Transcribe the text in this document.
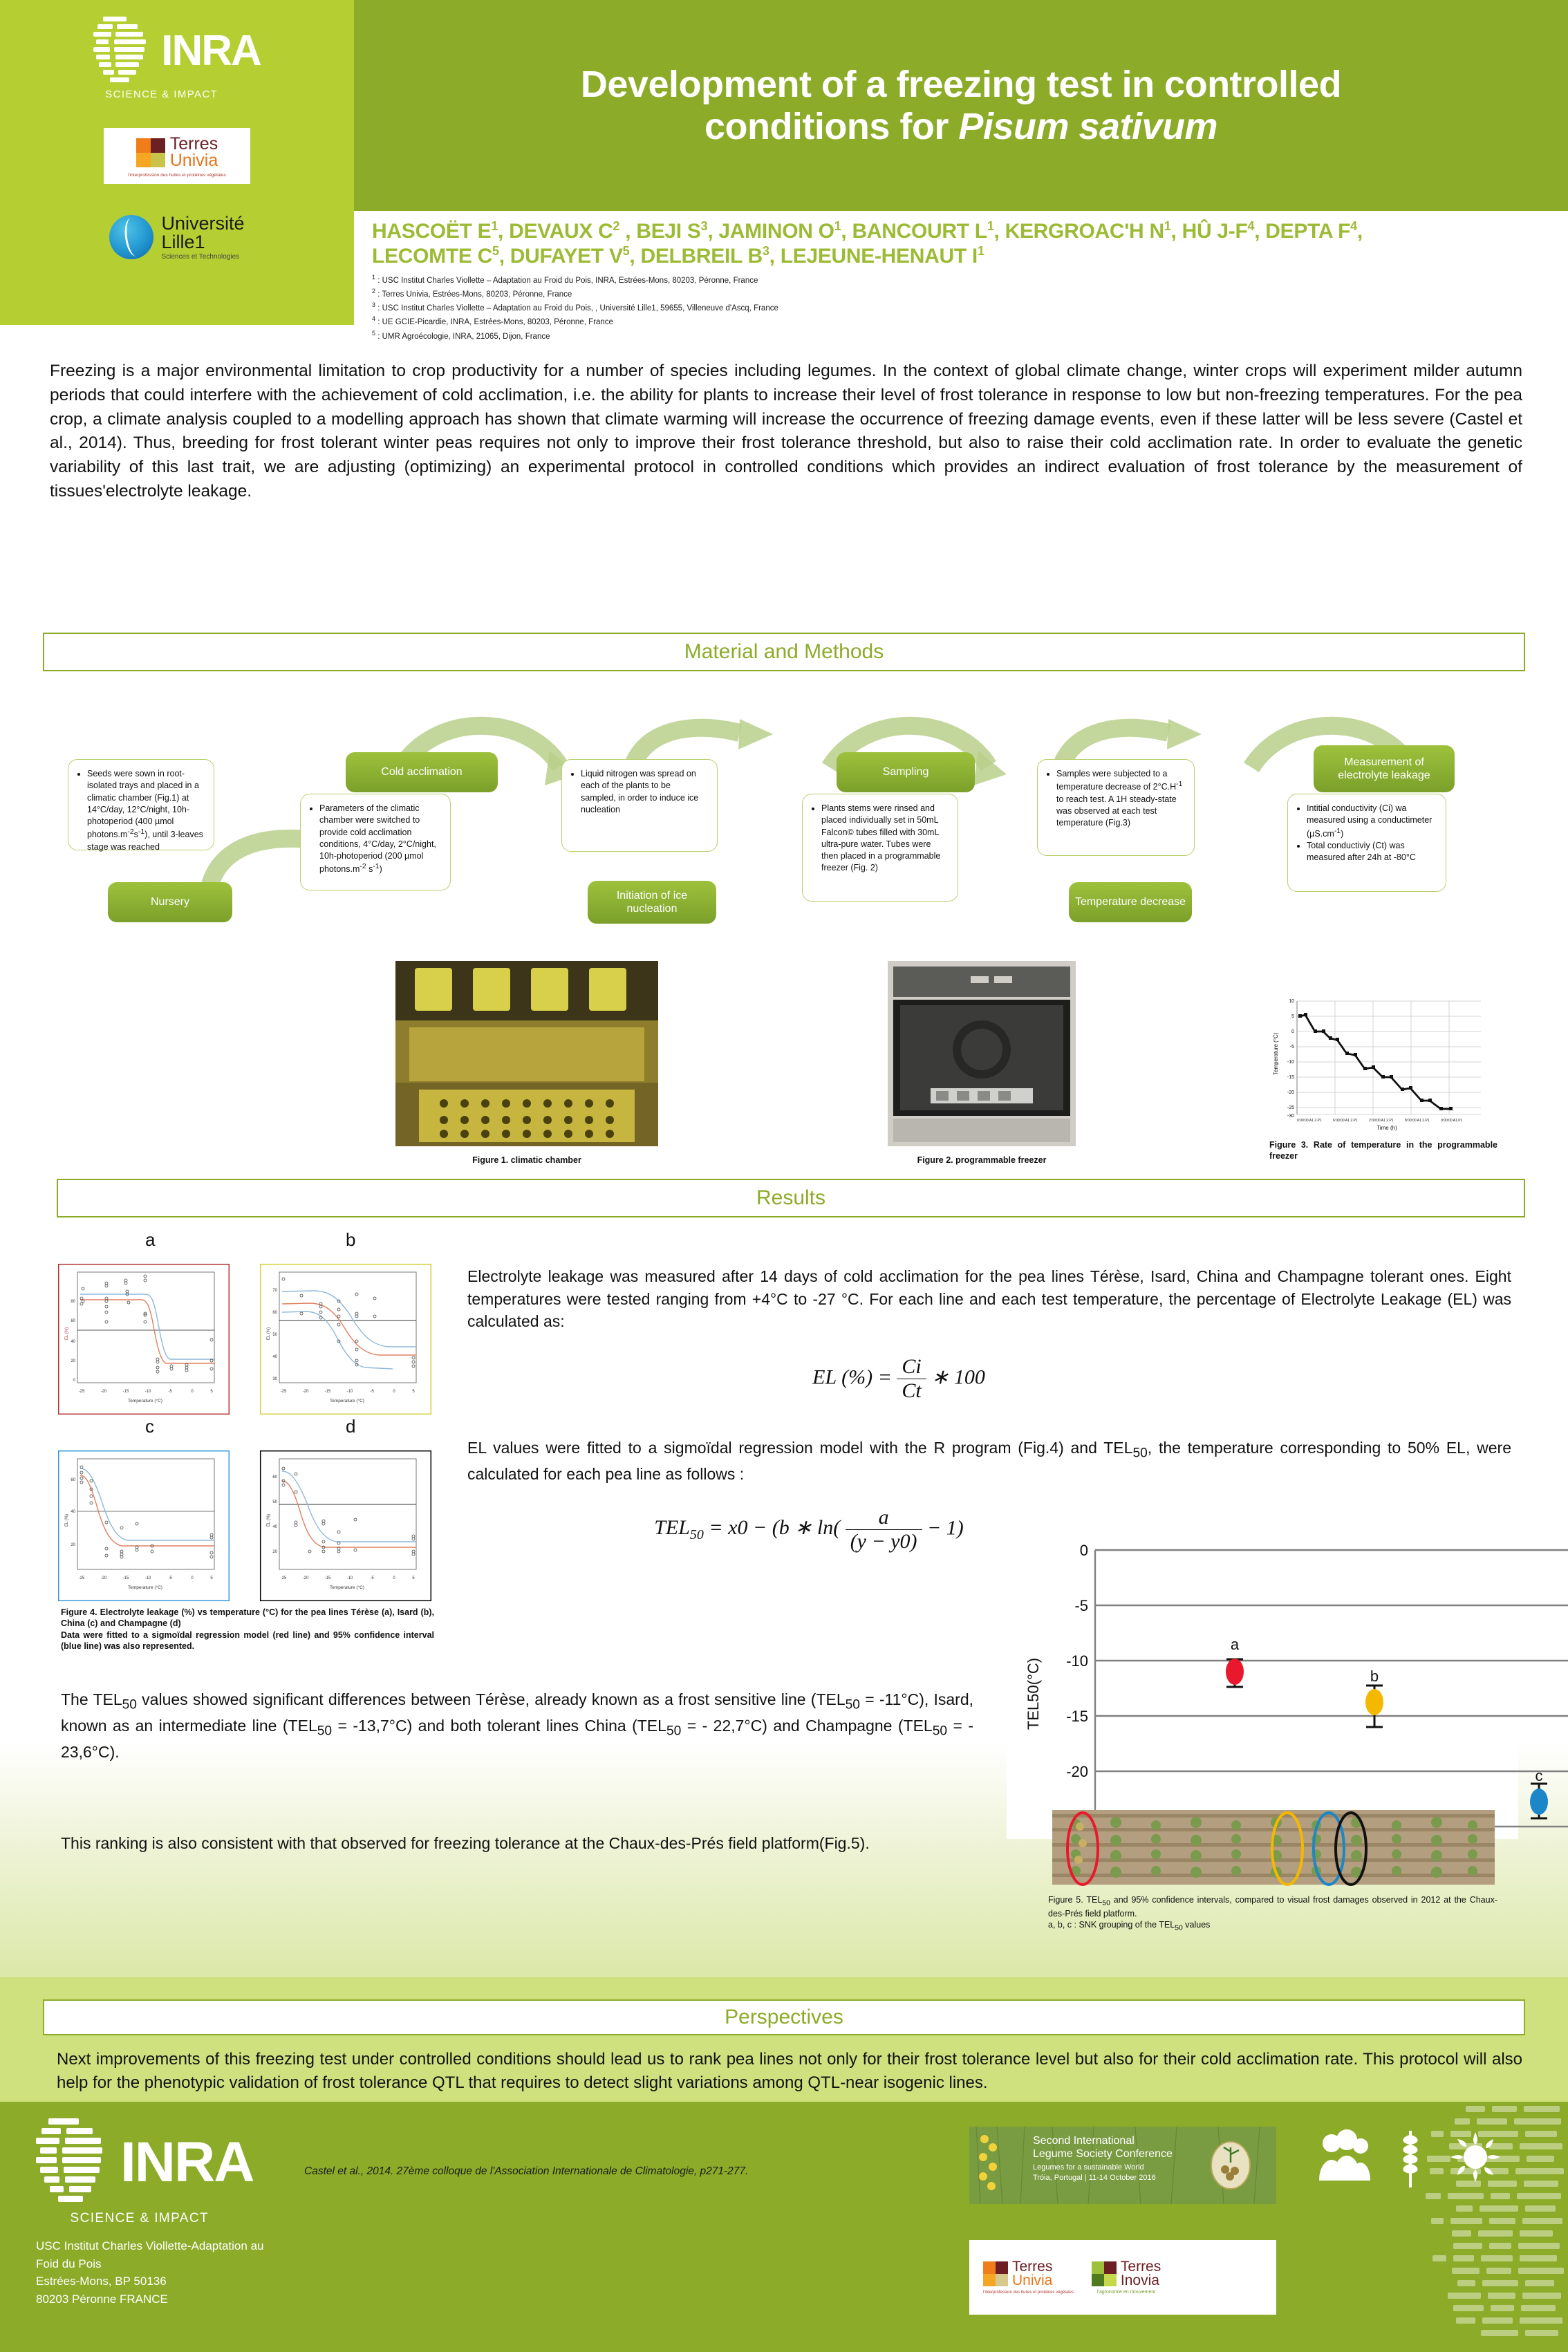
INRA
SCIENCE & IMPACT
Terres
Univia
l'interprofession des huiles et protéines végétales
Université
Lille1
Sciences et Technologies
Development of a freezing test in controlled
conditions for Pisum sativum
HASCOËT $E^1$, DEVAUX $C^2$ , BEJI $S^3$, JAMINON $O^1$, BANCOURT $L^1$, KERGROAC'H $N^1$, HÛ $J-F^4$, DEPTA $F^4$,
LECOMTE $C^5$, DUFAYET $V^5$, DELBREIL $B^3$, LEJEUNE-HENAUT $I^1$
$^1$ : USC Institut Charles Viollette – Adaptation au Froid du Pois, INRA, Estrées-Mons, 80203, Péronne, France
$^2$ : Terres Univia, Estrées-Mons, 80203, Péronne, France
$^3$ : USC Institut Charles Viollette – Adaptation au Froid du Pois, , Université Lille1, 59655, Villeneuve d'Ascq, France
$^4$ : UE GCIE-Picardie, INRA, Estrées-Mons, 80203, Péronne, France
$^5$ : UMR Agroécologie, INRA, 21065, Dijon, France
Freezing is a major environmental limitation to crop productivity for a number of species including legumes. In the context of global climate change, winter crops will experiment milder autumn periods that could interfere with the achievement of cold acclimation, i.e. the ability for plants to increase their level of frost tolerance in response to low but non-freezing temperatures. For the pea crop, a climate analysis coupled to a modelling approach has shown that climate warming will increase the occurrence of freezing damage events, even if these latter will be less severe (Castel et al., 2014). Thus, breeding for frost tolerant winter peas requires not only to improve their frost tolerance threshold, but also to raise their cold acclimation rate. In order to evaluate the genetic variability of this last trait, we are adjusting (optimizing) an experimental protocol in controlled conditions which provides an indirect evaluation of frost tolerance by the measurement of tissues'electrolyte leakage.
Material and Methods
• Seeds were sown in root-isolated trays and placed in a climatic chamber (Fig.1) at 14°C/day, 12°C/night, 10h-photoperiod (400 µmol $photons.m^{-2}s^{-1}$), until 3-leaves stage was reached
Nursery
• Parameters of the climatic chamber were switched to provide cold acclimation conditions, 4°C/day, 2°C/night, 10h-photoperiod (200 µmol $photons.m^{-2}$ $s^{-1}$)
Cold acclimation	• Liquid nitrogen was spread on each of the plants to be sampled, in order to induce ice nucleation
Initiation of ice nucleation
• Plants stems were rinsed and placed individually set in 50mL Falcon© tubes filled with 30mL ultra-pure water. Tubes were then placed in a programmable freezer (Fig. 2)
Sampling	• Samples were subjected to a temperature decrease of $2^\circ C.H^{-1}$ to reach test. A 1H steady-state was observed at each test temperature (Fig.3)
Temperature decrease
• Intitial conductivity (Ci) wa measured using a conductimeter $(\mu S.cm^{-1})$
• Total conductiviy (Ct) was measured after 24h at -80°C
Measurement of electrolyte leakage
Figure 1. climatic chamber	Figure 2. programmable freezer
10
5
0
-5
-10
-15
-20
-25
-30
Temperature (°C)
0:00:00 A1 2.P1	6:00:00 A1 2.P1	2:00:00 A1 2.P1	8:00:00 A1 2.P1	0:00:00 A1.P1
Time (h)
Figure 3. Rate of temperature in the programmable freezer
Results
a	b
c	d
80
60
40
20
0
EL (%)
-25	-20	-15	-10	-5	0	5
Temperature (°C)
70
60
50
40
30
EL (%)
-25	-20	-15	-10	-5	0	5
Temperature (°C)
60
40
20
EL (%)
-25	-20	-15	-10	-5	0	5
Temperature (°C)
60
50
40
20
EL (%)
-25	-20	-15	-10	-5	0	5
Temperature (°C)
Figure 4. Electrolyte leakage (%) vs temperature (°C) for the pea lines Térèse (a), Isard (b), China (c) and Champagne (d)
Data were fitted to a sigmoïdal regression model (red line) and 95% confidence interval (blue line) was also represented.
Electrolyte leakage was measured after 14 days of cold acclimation for the pea lines Térèse, Isard, China and Champagne tolerant ones. Eight temperatures were tested ranging from +4°C to -27 °C. For each line and each test temperature, the percentage of Electrolyte Leakage (EL) was calculated as:
EL (%) = $\frac{Ci}{Ct}$ ∗ 100
EL values were fitted to a sigmoïdal regression model with the R program (Fig.4) and $TEL_{50}$, the temperature corresponding to 50% EL, were calculated for each pea line as follows :
$TEL_{50} = x0 - (b$ ∗ $\ln( \frac{a}{(y - y0)} - 1)$
The $TEL_{50}$ values showed significant differences between Térèse, already known as a frost sensitive line $(TEL_{50} = -11^\circ C)$, Isard, known as an intermediate line $(TEL_{50} = -13,7^\circ C)$ and both tolerant lines China ($TEL_{50}$ = - 22,7°C) and Champagne ($TEL_{50}$ = - 23,6°C).
This ranking is also consistent with that observed for freezing tolerance at the Chaux-des-Prés field platform(Fig.5).
0
-5
-10
-15
-20
TEL50(°C)
a
b
c
Figure 5. $TEL_{50}$ and 95% confidence intervals, compared to visual frost damages observed in 2012 at the Chaux-des-Prés field platform.
a, b, c : SNK grouping of the $TEL_{50}$ values
Perspectives
Next improvements of this freezing test under controlled conditions should lead us to rank pea lines not only for their frost tolerance level but also for their cold acclimation rate. This protocol will also help for the phenotypic validation of frost tolerance QTL that requires to detect slight variations among QTL-near isogenic lines.
INRA
SCIENCE & IMPACT
Castel et al., 2014. 27ème colloque de l'Association Internationale de Climatologie, p271-277.
USC Institut Charles Viollette-Adaptation au
Foid du Pois
Estrées-Mons, BP 50136
80203 Péronne FRANCE
Second International
Legume Society Conference
Legumes for a sustainable World
Tróia, Portugal | 11-14 October 2016
Terres
Univia
l'interprofession des huiles et protéines végétales
Terres
Inovia
l'agronomie en mouvement
